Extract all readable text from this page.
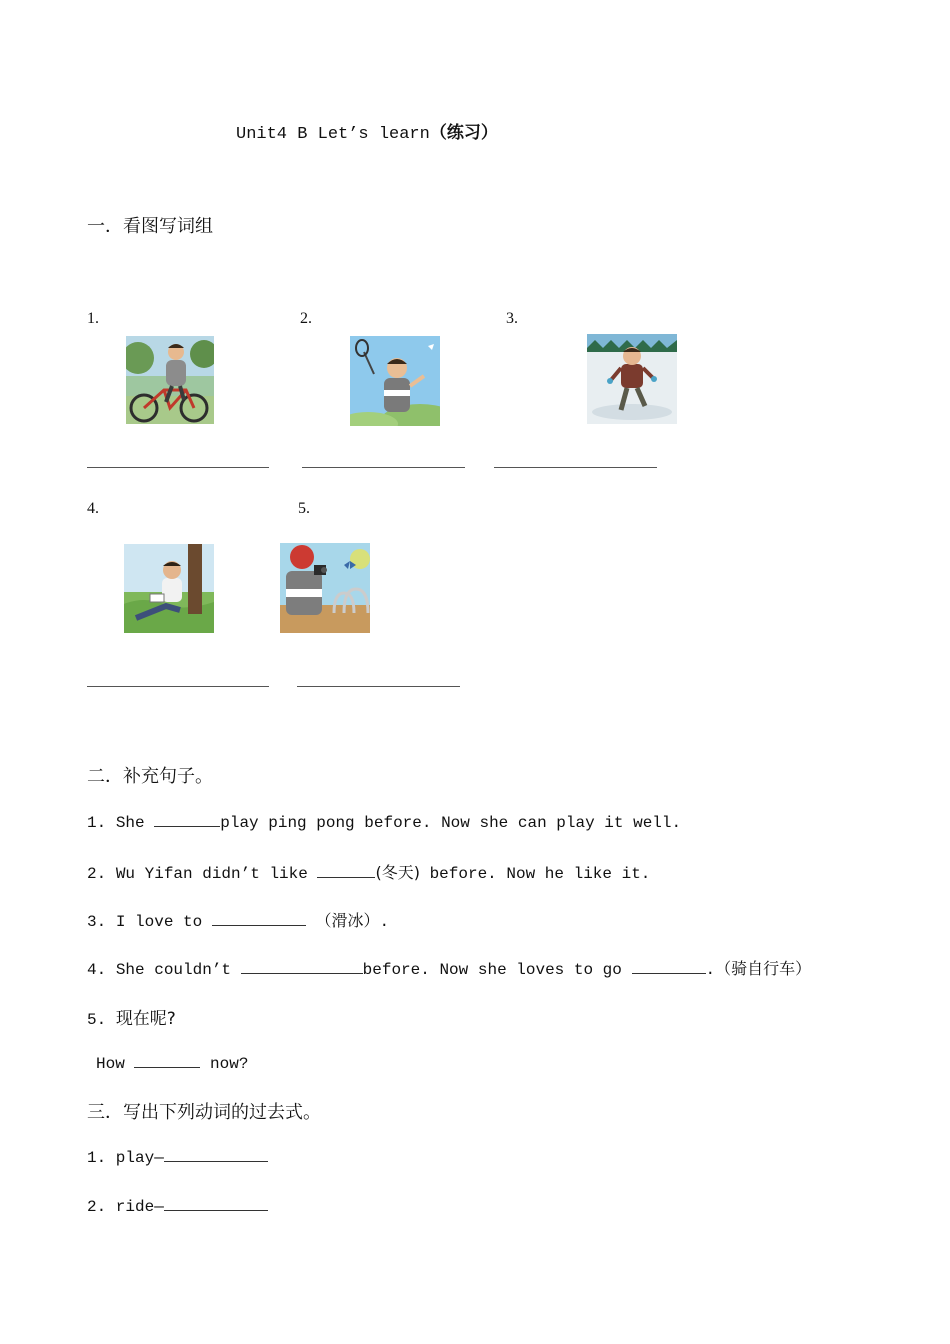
Unit4 B Let’s learn（练习）
一．看图写词组
1.	2.	3.
4.	5.
二．补充句子。
1. She	play ping pong before. Now she can play it well.
2. Wu Yifan didn’t like	(冬天) before. Now he like it.
3. I love to	（滑冰）.
4. She couldn’t	before. Now she loves to go	.（骑自行车）
5. 现在呢?
How	now?
三．写出下列动词的过去式。
1. play—
2. ride—
